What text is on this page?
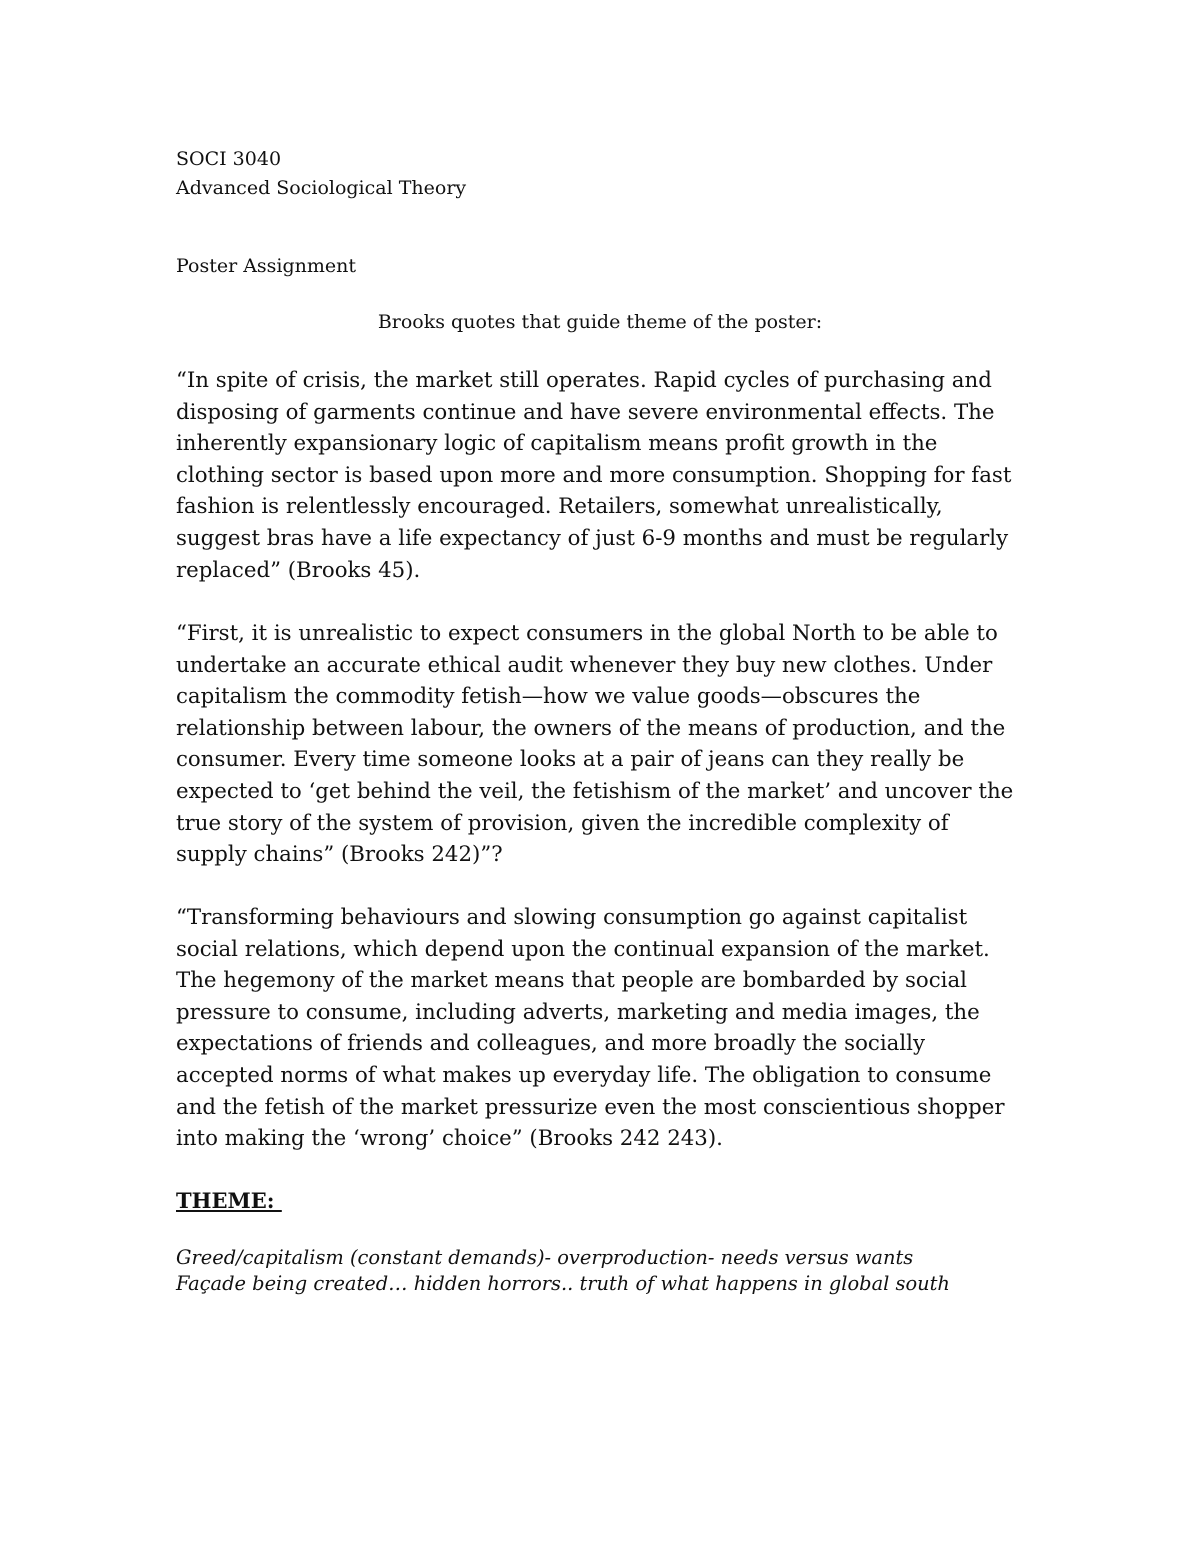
SOCI 3040
Advanced Sociological Theory
Poster Assignment
Brooks quotes that guide theme of the poster:
“In spite of crisis, the market still operates. Rapid cycles of purchasing and
disposing of garments continue and have severe environmental effects. The
inherently expansionary logic of capitalism means profit growth in the
clothing sector is based upon more and more consumption. Shopping for fast
fashion is relentlessly encouraged. Retailers, somewhat unrealistically,
suggest bras have a life expectancy of just 6-9 months and must be regularly
replaced” (Brooks 45).
“First, it is unrealistic to expect consumers in the global North to be able to
undertake an accurate ethical audit whenever they buy new clothes. Under
capitalism the commodity fetish—how we value goods—obscures the
relationship between labour, the owners of the means of production, and the
consumer. Every time someone looks at a pair of jeans can they really be
expected to ‘get behind the veil, the fetishism of the market’ and uncover the
true story of the system of provision, given the incredible complexity of
supply chains” (Brooks 242)”?
“Transforming behaviours and slowing consumption go against capitalist
social relations, which depend upon the continual expansion of the market.
The hegemony of the market means that people are bombarded by social
pressure to consume, including adverts, marketing and media images, the
expectations of friends and colleagues, and more broadly the socially
accepted norms of what makes up everyday life. The obligation to consume
and the fetish of the market pressurize even the most conscientious shopper
into making the ‘wrong’ choice” (Brooks 242 243).
THEME:
Greed/capitalism (constant demands)- overproduction- needs versus wants
Façade being created… hidden horrors.. truth of what happens in global south
